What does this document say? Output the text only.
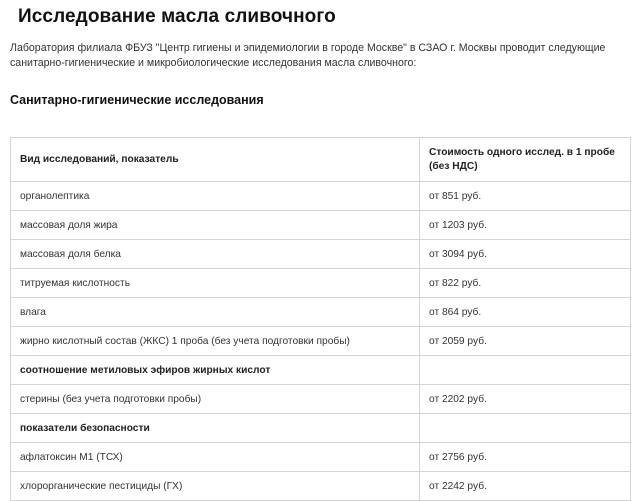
Исследование масла сливочного

Лаборатория филиала ФБУЗ "Центр гигиены и эпидемиологии в городе Москве" в СЗАО г. Москвы проводит следующие санитарно-гигиенические и микробиологические исследования масла сливочного:

Санитарно-гигиенические исследования
Вид исследований, показатель	Стоимость одного исслед. в 1 пробе (без НДС)
органолептика	от 851 руб.
массовая доля жира	от 1203 руб.
массовая доля белка	от 3094 руб.
титруемая кислотность	от 822 руб.
влага	от 864 руб.
жирно кислотный состав (ЖКС) 1 проба (без учета подготовки пробы)	от 2059 руб.
соотношение метиловых эфиров жирных кислот	
стерины (без учета подготовки пробы)	от 2202 руб.
показатели безопасности	
афлатоксин М1 (ТСХ)	от 2756 руб.
хлорорганические пестициды (ГХ)	от 2242 руб.
